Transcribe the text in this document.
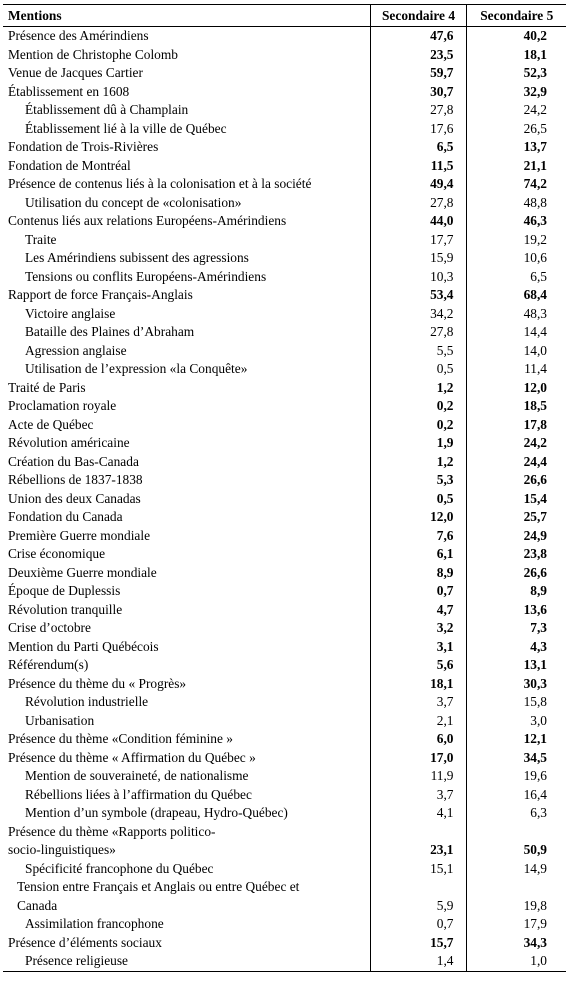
Mentions	Secondaire 4	Secondaire 5
Présence des Amérindiens	47,6	40,2
Mention de Christophe Colomb	23,5	18,1
Venue de Jacques Cartier	59,7	52,3
Établissement en 1608	30,7	32,9
Établissement dû à Champlain	27,8	24,2
Établissement lié à la ville de Québec	17,6	26,5
Fondation de Trois-Rivières	6,5	13,7
Fondation de Montréal	11,5	21,1
Présence de contenus liés à la colonisation et à la société	49,4	74,2
Utilisation du concept de «colonisation»	27,8	48,8
Contenus liés aux relations Européens-Amérindiens	44,0	46,3
Traite	17,7	19,2
Les Amérindiens subissent des agressions	15,9	10,6
Tensions ou conflits Européens-Amérindiens	10,3	6,5
Rapport de force Français-Anglais	53,4	68,4
Victoire anglaise	34,2	48,3
Bataille des Plaines d’Abraham	27,8	14,4
Agression anglaise	5,5	14,0
Utilisation de l’expression «la Conquête»	0,5	11,4
Traité de Paris	1,2	12,0
Proclamation royale	0,2	18,5
Acte de Québec	0,2	17,8
Révolution américaine	1,9	24,2
Création du Bas-Canada	1,2	24,4
Rébellions de 1837-1838	5,3	26,6
Union des deux Canadas	0,5	15,4
Fondation du Canada	12,0	25,7
Première Guerre mondiale	7,6	24,9
Crise économique	6,1	23,8
Deuxième Guerre mondiale	8,9	26,6
Époque de Duplessis	0,7	8,9
Révolution tranquille	4,7	13,6
Crise d’octobre	3,2	7,3
Mention du Parti Québécois	3,1	4,3
Référendum(s)	5,6	13,1
Présence du thème du « Progrès»	18,1	30,3
Révolution industrielle	3,7	15,8
Urbanisation	2,1	3,0
Présence du thème «Condition féminine »	6,0	12,1
Présence du thème « Affirmation du Québec »	17,0	34,5
Mention de souveraineté, de nationalisme	11,9	19,6
Rébellions liées à l’affirmation du Québec	3,7	16,4
Mention d’un symbole (drapeau, Hydro-Québec)	4,1	6,3

Présence du thème «Rapports politico-
socio-linguistiques»	23,1	50,9
Spécificité francophone du Québec	15,1	14,9

Tension entre Français et Anglais ou entre Québec et
Canada	5,9	19,8
Assimilation francophone	0,7	17,9
Présence d’éléments sociaux	15,7	34,3
Présence religieuse	1,4	1,0
